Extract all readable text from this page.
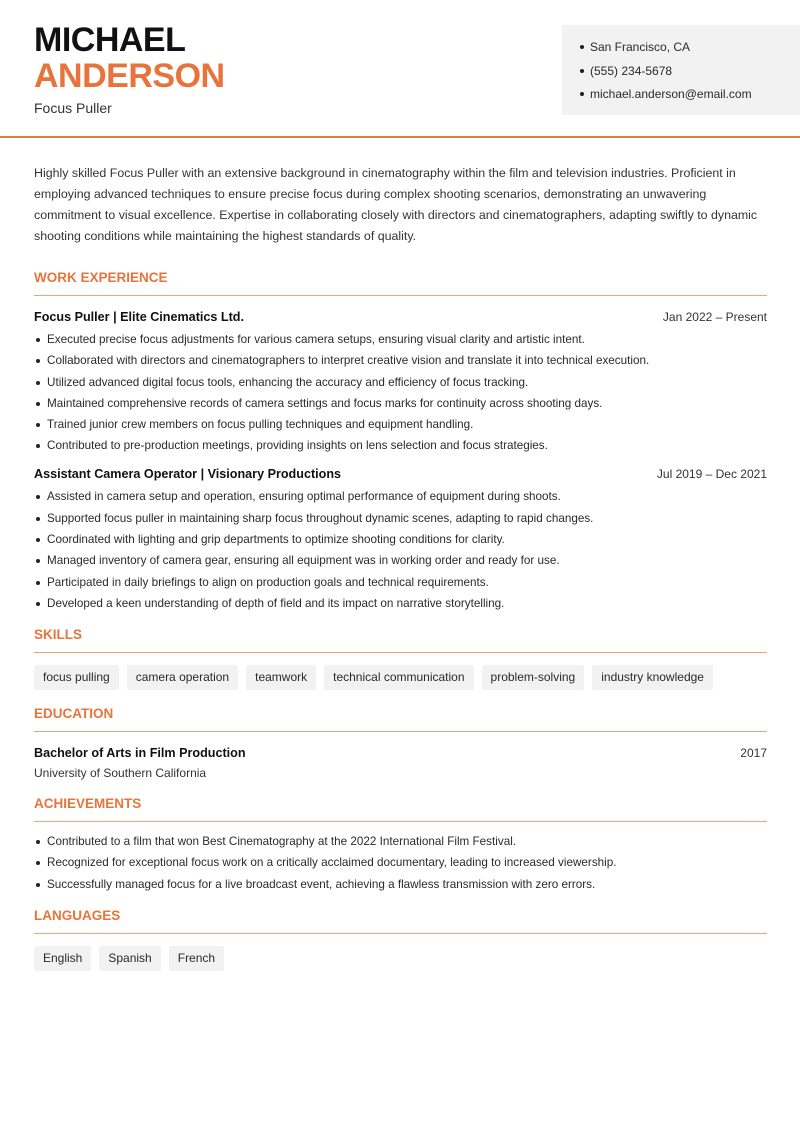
MICHAEL
ANDERSON
Focus Puller
San Francisco, CA
(555) 234-5678
michael.anderson@email.com

Highly skilled Focus Puller with an extensive background in cinematography within the film and television industries. Proficient in employing advanced techniques to ensure precise focus during complex shooting scenarios, demonstrating an unwavering commitment to visual excellence. Expertise in collaborating closely with directors and cinematographers, adapting swiftly to dynamic shooting conditions while maintaining the highest standards of quality.

WORK EXPERIENCE
Focus Puller | Elite Cinematics Ltd.	Jan 2022 – Present
Executed precise focus adjustments for various camera setups, ensuring visual clarity and artistic intent.
Collaborated with directors and cinematographers to interpret creative vision and translate it into technical execution.
Utilized advanced digital focus tools, enhancing the accuracy and efficiency of focus tracking.
Maintained comprehensive records of camera settings and focus marks for continuity across shooting days.
Trained junior crew members on focus pulling techniques and equipment handling.
Contributed to pre-production meetings, providing insights on lens selection and focus strategies.
Assistant Camera Operator | Visionary Productions	Jul 2019 – Dec 2021
Assisted in camera setup and operation, ensuring optimal performance of equipment during shoots.
Supported focus puller in maintaining sharp focus throughout dynamic scenes, adapting to rapid changes.
Coordinated with lighting and grip departments to optimize shooting conditions for clarity.
Managed inventory of camera gear, ensuring all equipment was in working order and ready for use.
Participated in daily briefings to align on production goals and technical requirements.
Developed a keen understanding of depth of field and its impact on narrative storytelling.
SKILLS
focus pulling	camera operation	teamwork	technical communication	problem-solving	industry knowledge
EDUCATION
Bachelor of Arts in Film Production	2017
University of Southern California
ACHIEVEMENTS
Contributed to a film that won Best Cinematography at the 2022 International Film Festival.
Recognized for exceptional focus work on a critically acclaimed documentary, leading to increased viewership.
Successfully managed focus for a live broadcast event, achieving a flawless transmission with zero errors.
LANGUAGES
English	Spanish	French
